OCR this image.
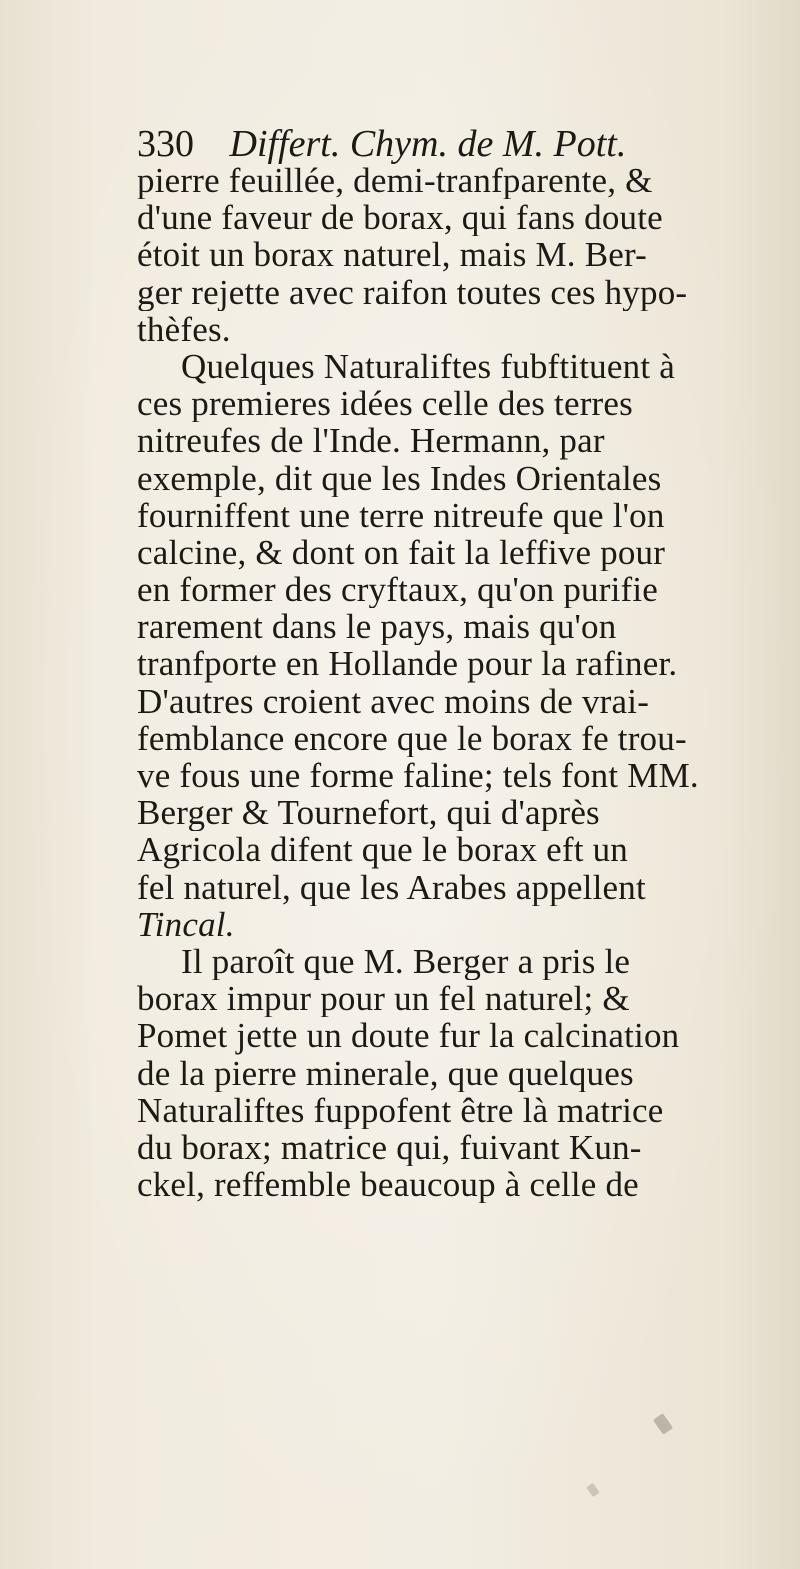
330 Differt. Chym. de M. Pott.
pierre feuillée, demi-tranfparente, &
d'une faveur de borax, qui fans doute
étoit un borax naturel, mais M. Ber-
ger rejette avec raifon toutes ces hypo-
thèfes.
Quelques Naturaliftes fubftituent à
ces premieres idées celle des terres
nitreufes de l'Inde. Hermann, par
exemple, dit que les Indes Orientales
fourniffent une terre nitreufe que l'on
calcine, & dont on fait la leffive pour
en former des cryftaux, qu'on purifie
rarement dans le pays, mais qu'on
tranfporte en Hollande pour la rafiner.
D'autres croient avec moins de vrai-
femblance encore que le borax fe trou-
ve fous une forme faline; tels font MM.
Berger & Tournefort, qui d'après
Agricola difent que le borax eft un
fel naturel, que les Arabes appellent
Tincal.
Il paroît que M. Berger a pris le
borax impur pour un fel naturel; &
Pomet jette un doute fur la calcination
de la pierre minerale, que quelques
Naturaliftes fuppofent être là matrice
du borax; matrice qui, fuivant Kun-
ckel, reffemble beaucoup à celle de
